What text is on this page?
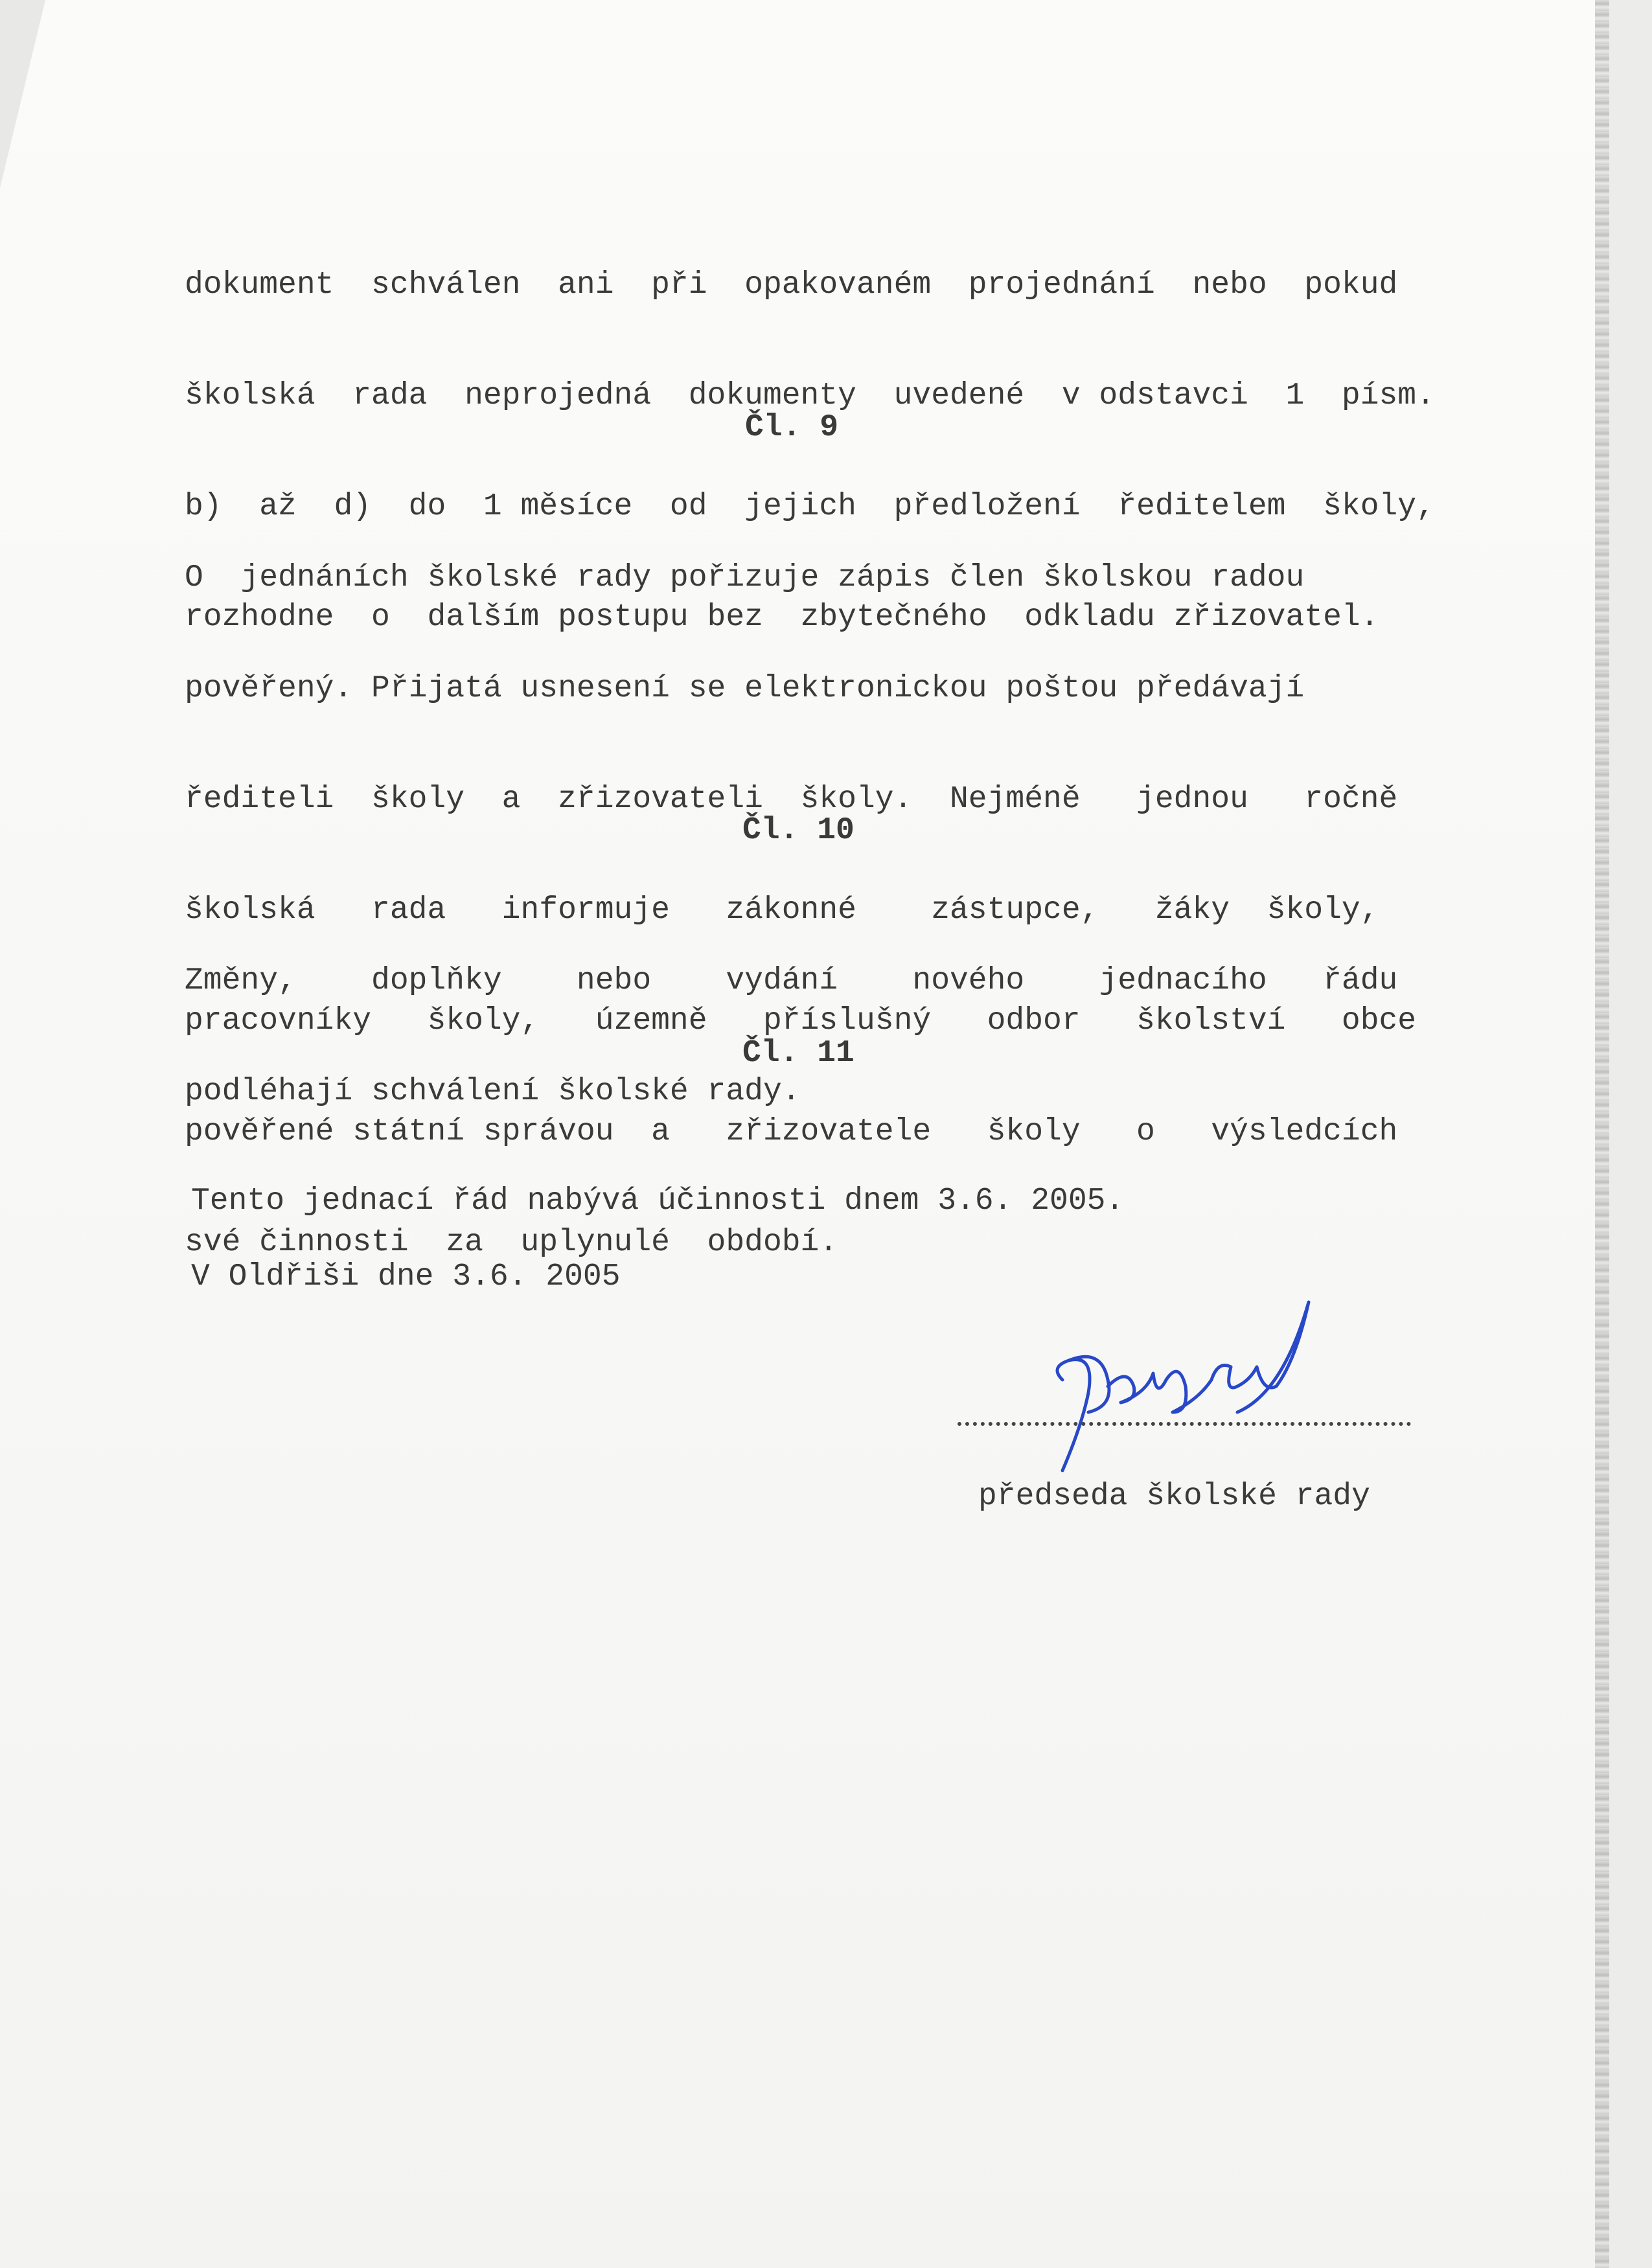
dokument  schválen  ani  při  opakovaném  projednání  nebo  pokud

školská  rada  neprojedná  dokumenty  uvedené  v odstavci  1  písm.

b)  až  d)  do  1 měsíce  od  jejich  předložení  ředitelem  školy,

rozhodne  o  dalším postupu bez  zbytečného  odkladu zřizovatel.

Čl. 9

O  jednáních školské rady pořizuje zápis člen školskou radou

pověřený. Přijatá usnesení se elektronickou poštou předávají

řediteli  školy  a  zřizovateli  školy.  Nejméně   jednou   ročně

školská   rada   informuje   zákonné    zástupce,   žáky  školy,

pracovníky   školy,   územně   příslušný   odbor   školství   obce

pověřené státní správou  a   zřizovatele   školy   o   výsledcích

své činnosti  za  uplynulé  období.

Čl. 10

Změny,    doplňky    nebo    vydání    nového    jednacího   řádu

podléhají schválení školské rady.

Čl. 11

Tento jednací řád nabývá účinnosti dnem 3.6. 2005.

V Oldřiši dne 3.6. 2005
předseda školské rady
